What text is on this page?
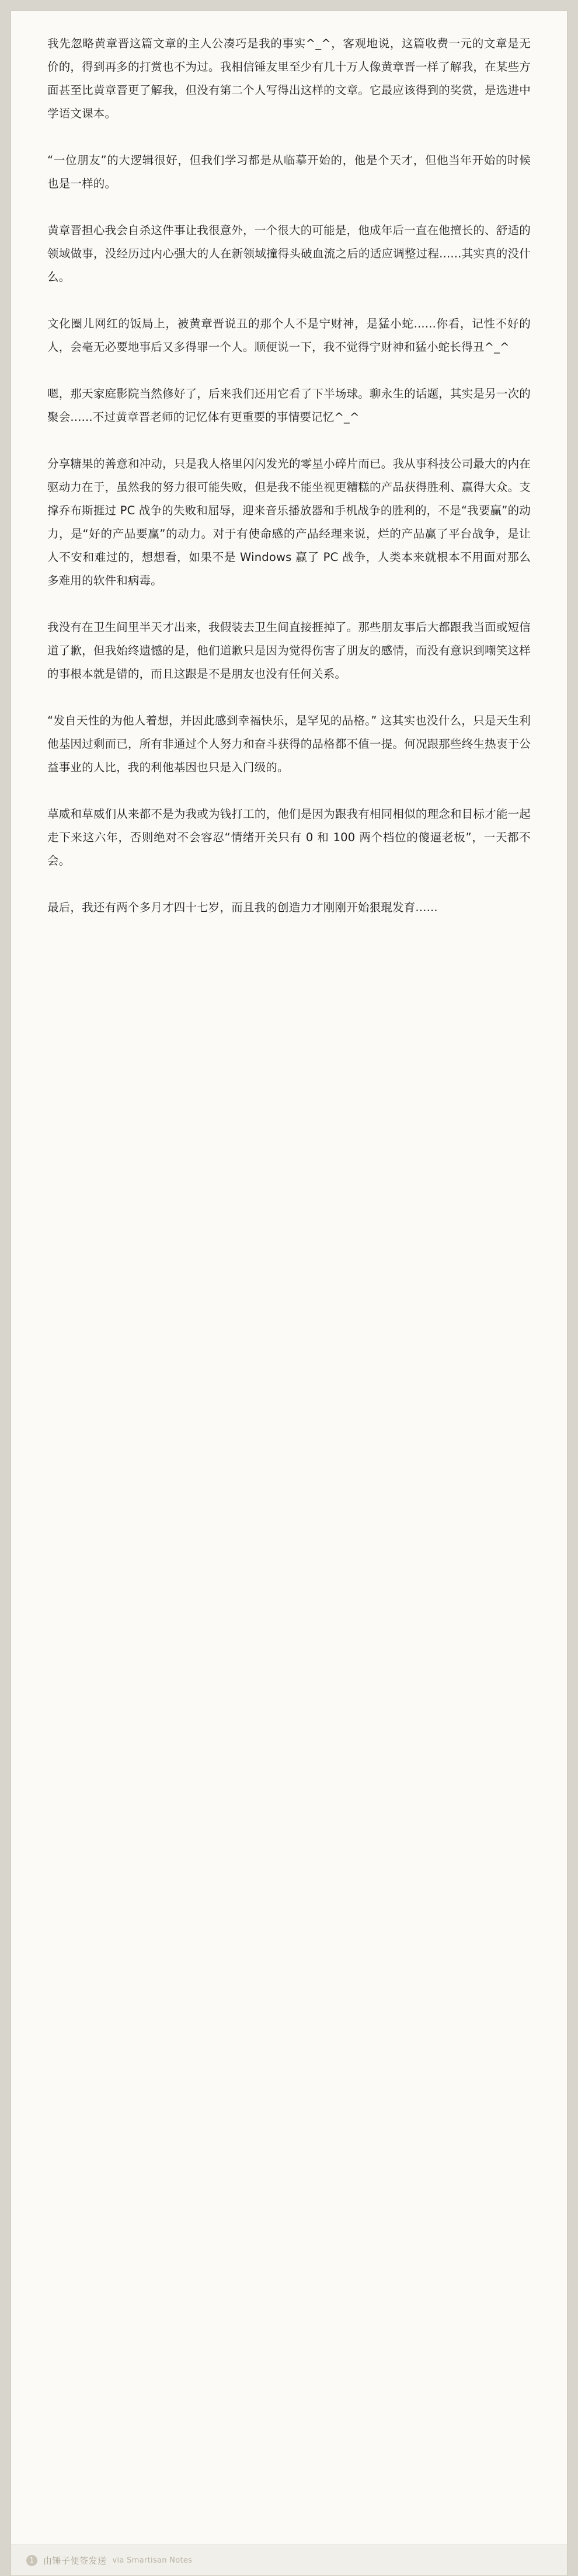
我先忽略黄章晋这篇文章的主人公凑巧是我的事实^_^，客观地说，这篇收费一元的文章是无价的，得到再多的打赏也不为过。我相信锤友里至少有几十万人像黄章晋一样了解我，在某些方面甚至比黄章晋更了解我，但没有第二个人写得出这样的文章。它最应该得到的奖赏，是选进中学语文课本。

“一位朋友”的大逻辑很好，但我们学习都是从临摹开始的，他是个天才，但他当年开始的时候也是一样的。

黄章晋担心我会自杀这件事让我很意外，一个很大的可能是，他成年后一直在他擅长的、舒适的领域做事，没经历过内心强大的人在新领域撞得头破血流之后的适应调整过程......其实真的没什么。

文化圈儿网红的饭局上，被黄章晋说丑的那个人不是宁财神，是猛小蛇......你看，记性不好的人，会毫无必要地事后又多得罪一个人。顺便说一下，我不觉得宁财神和猛小蛇长得丑^_^

嗯，那天家庭影院当然修好了，后来我们还用它看了下半场球。聊永生的话题，其实是另一次的聚会......不过黄章晋老师的记忆体有更重要的事情要记忆^_^

分享糖果的善意和冲动，只是我人格里闪闪发光的零星小碎片而已。我从事科技公司最大的内在驱动力在于，虽然我的努力很可能失败，但是我不能坐视更糟糕的产品获得胜利、赢得大众。支撑乔布斯捱过 PC 战争的失败和屈辱，迎来音乐播放器和手机战争的胜利的，不是“我要赢”的动力，是“好的产品要赢”的动力。对于有使命感的产品经理来说，烂的产品赢了平台战争，是让人不安和难过的，想想看，如果不是 Windows 赢了 PC 战争，人类本来就根本不用面对那么多难用的软件和病毒。

我没有在卫生间里半天才出来，我假装去卫生间直接捱掉了。那些朋友事后大都跟我当面或短信道了歉，但我始终遗憾的是，他们道歉只是因为觉得伤害了朋友的感情，而没有意识到嘲笑这样的事根本就是错的，而且这跟是不是朋友也没有任何关系。

“发自天性的为他人着想，并因此感到幸福快乐，是罕见的品格。” 这其实也没什么，只是天生利他基因过剩而已，所有非通过个人努力和奋斗获得的品格都不值一提。何况跟那些终生热衷于公益事业的人比，我的利他基因也只是入门级的。

草威和草威们从来都不是为我或为钱打工的，他们是因为跟我有相同相似的理念和目标才能一起走下来这六年，否则绝对不会容忍“情绪开关只有 0 和 100 两个档位的傻逼老板”，一天都不会。

最后，我还有两个多月才四十七岁，而且我的创造力才刚刚开始狠琨发育......

1	由锤子便签发送 via Smartisan Notes
